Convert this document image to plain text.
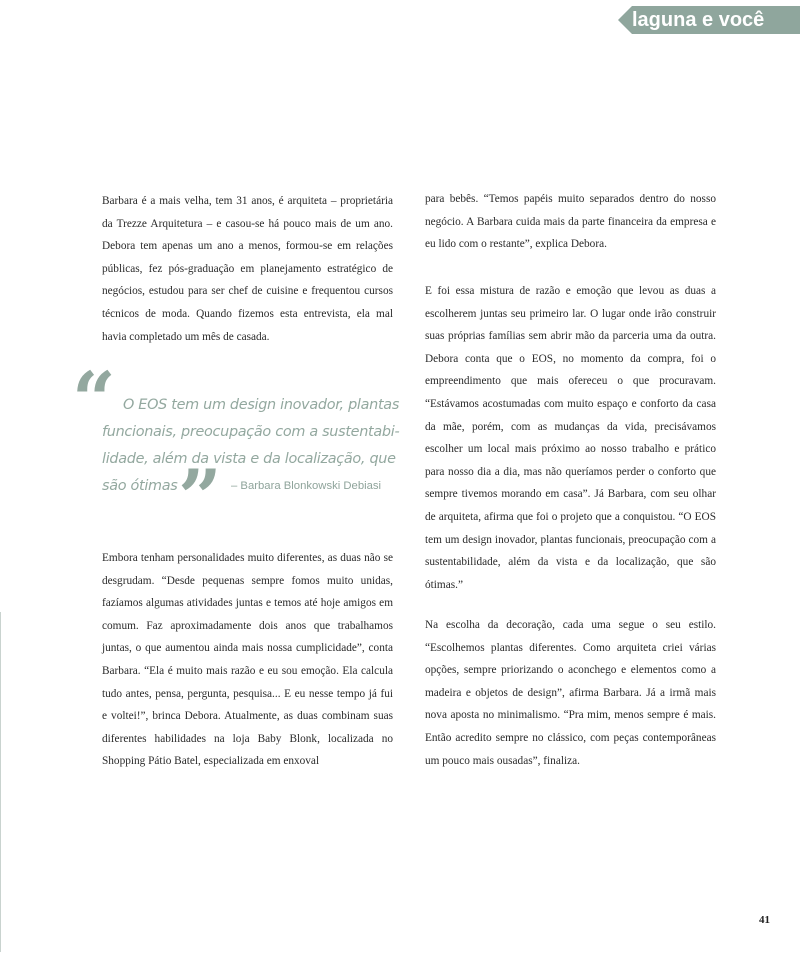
laguna e você

Barbara é a mais velha, tem 31 anos, é arquiteta – proprietária da Trezze Arquitetura – e casou-se há pouco mais de um ano. Debora tem apenas um ano a menos, formou-se em relações públicas, fez pós-graduação em planejamento estratégico de negócios, estudou para ser chef de cuisine e frequentou cursos técnicos de moda. Quando fizemos esta entrevista, ela mal havia completado um mês de casada.

“ O EOS tem um design inovador, plantas
funcionais, preocupação com a sustentabi-
lidade, além da vista e da localização, que
são ótimas ” – Barbara Blonkowski Debiasi

Embora tenham personalidades muito diferentes, as duas não se desgrudam. “Desde pequenas sempre fomos muito unidas, fazíamos algumas atividades juntas e temos até hoje amigos em comum. Faz aproximadamente dois anos que trabalhamos juntas, o que aumentou ainda mais nossa cumplicidade”, conta Barbara. “Ela é muito mais razão e eu sou emoção. Ela calcula tudo antes, pensa, pergunta, pesquisa... E eu nesse tempo já fui e voltei!”, brinca Debora. Atualmente, as duas combinam suas diferentes habilidades na loja Baby Blonk, localizada no Shopping Pátio Batel, especializada em enxoval

para bebês. “Temos papéis muito separados dentro do nosso negócio. A Barbara cuida mais da parte financeira da empresa e eu lido com o restante”, explica Debora.

E foi essa mistura de razão e emoção que levou as duas a escolherem juntas seu primeiro lar. O lugar onde irão construir suas próprias famílias sem abrir mão da parceria uma da outra. Debora conta que o EOS, no momento da compra, foi o empreendimento que mais ofereceu o que procuravam. “Estávamos acostumadas com muito espaço e conforto da casa da mãe, porém, com as mudanças da vida, precisávamos escolher um local mais próximo ao nosso trabalho e prático para nosso dia a dia, mas não queríamos perder o conforto que sempre tivemos morando em casa”. Já Barbara, com seu olhar de arquiteta, afirma que foi o projeto que a conquistou. “O EOS tem um design inovador, plantas funcionais, preocupação com a sustentabilidade, além da vista e da localização, que são ótimas.”

Na escolha da decoração, cada uma segue o seu estilo. “Escolhemos plantas diferentes. Como arquiteta criei várias opções, sempre priorizando o aconchego e elementos como a madeira e objetos de design”, afirma Barbara. Já a irmã mais nova aposta no minimalismo. “Pra mim, menos sempre é mais. Então acredito sempre no clássico, com peças contemporâneas um pouco mais ousadas”, finaliza.

41
